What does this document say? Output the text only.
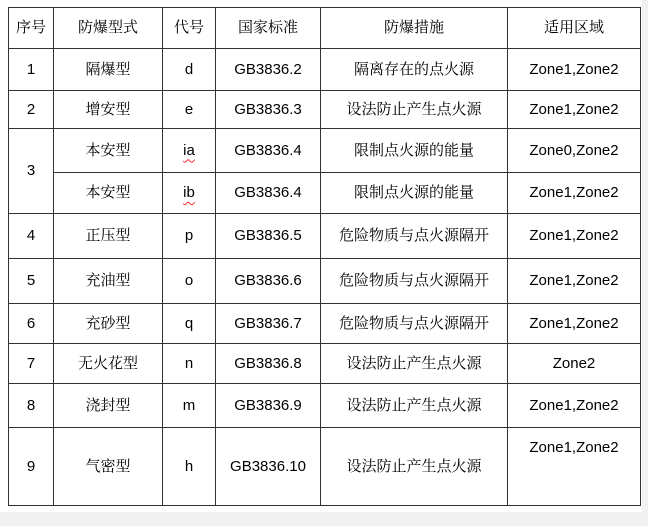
序号	防爆型式	代号	国家标准	防爆措施	适用区域
1	隔爆型	d	GB3836.2	隔离存在的点火源	Zone1,Zone2
2	增安型	e	GB3836.3	设法防止产生点火源	Zone1,Zone2
3	本安型	ia	GB3836.4	限制点火源的能量	Zone0,Zone2
	本安型	ib	GB3836.4	限制点火源的能量	Zone1,Zone2
4	正压型	p	GB3836.5	危险物质与点火源隔开	Zone1,Zone2
5	充油型	o	GB3836.6	危险物质与点火源隔开	Zone1,Zone2
6	充砂型	q	GB3836.7	危险物质与点火源隔开	Zone1,Zone2
7	无火花型	n	GB3836.8	设法防止产生点火源	Zone2
8	浇封型	m	GB3836.9	设法防止产生点火源	Zone1,Zone2
9	气密型	h	GB3836.10	设法防止产生点火源	Zone1,Zone2
